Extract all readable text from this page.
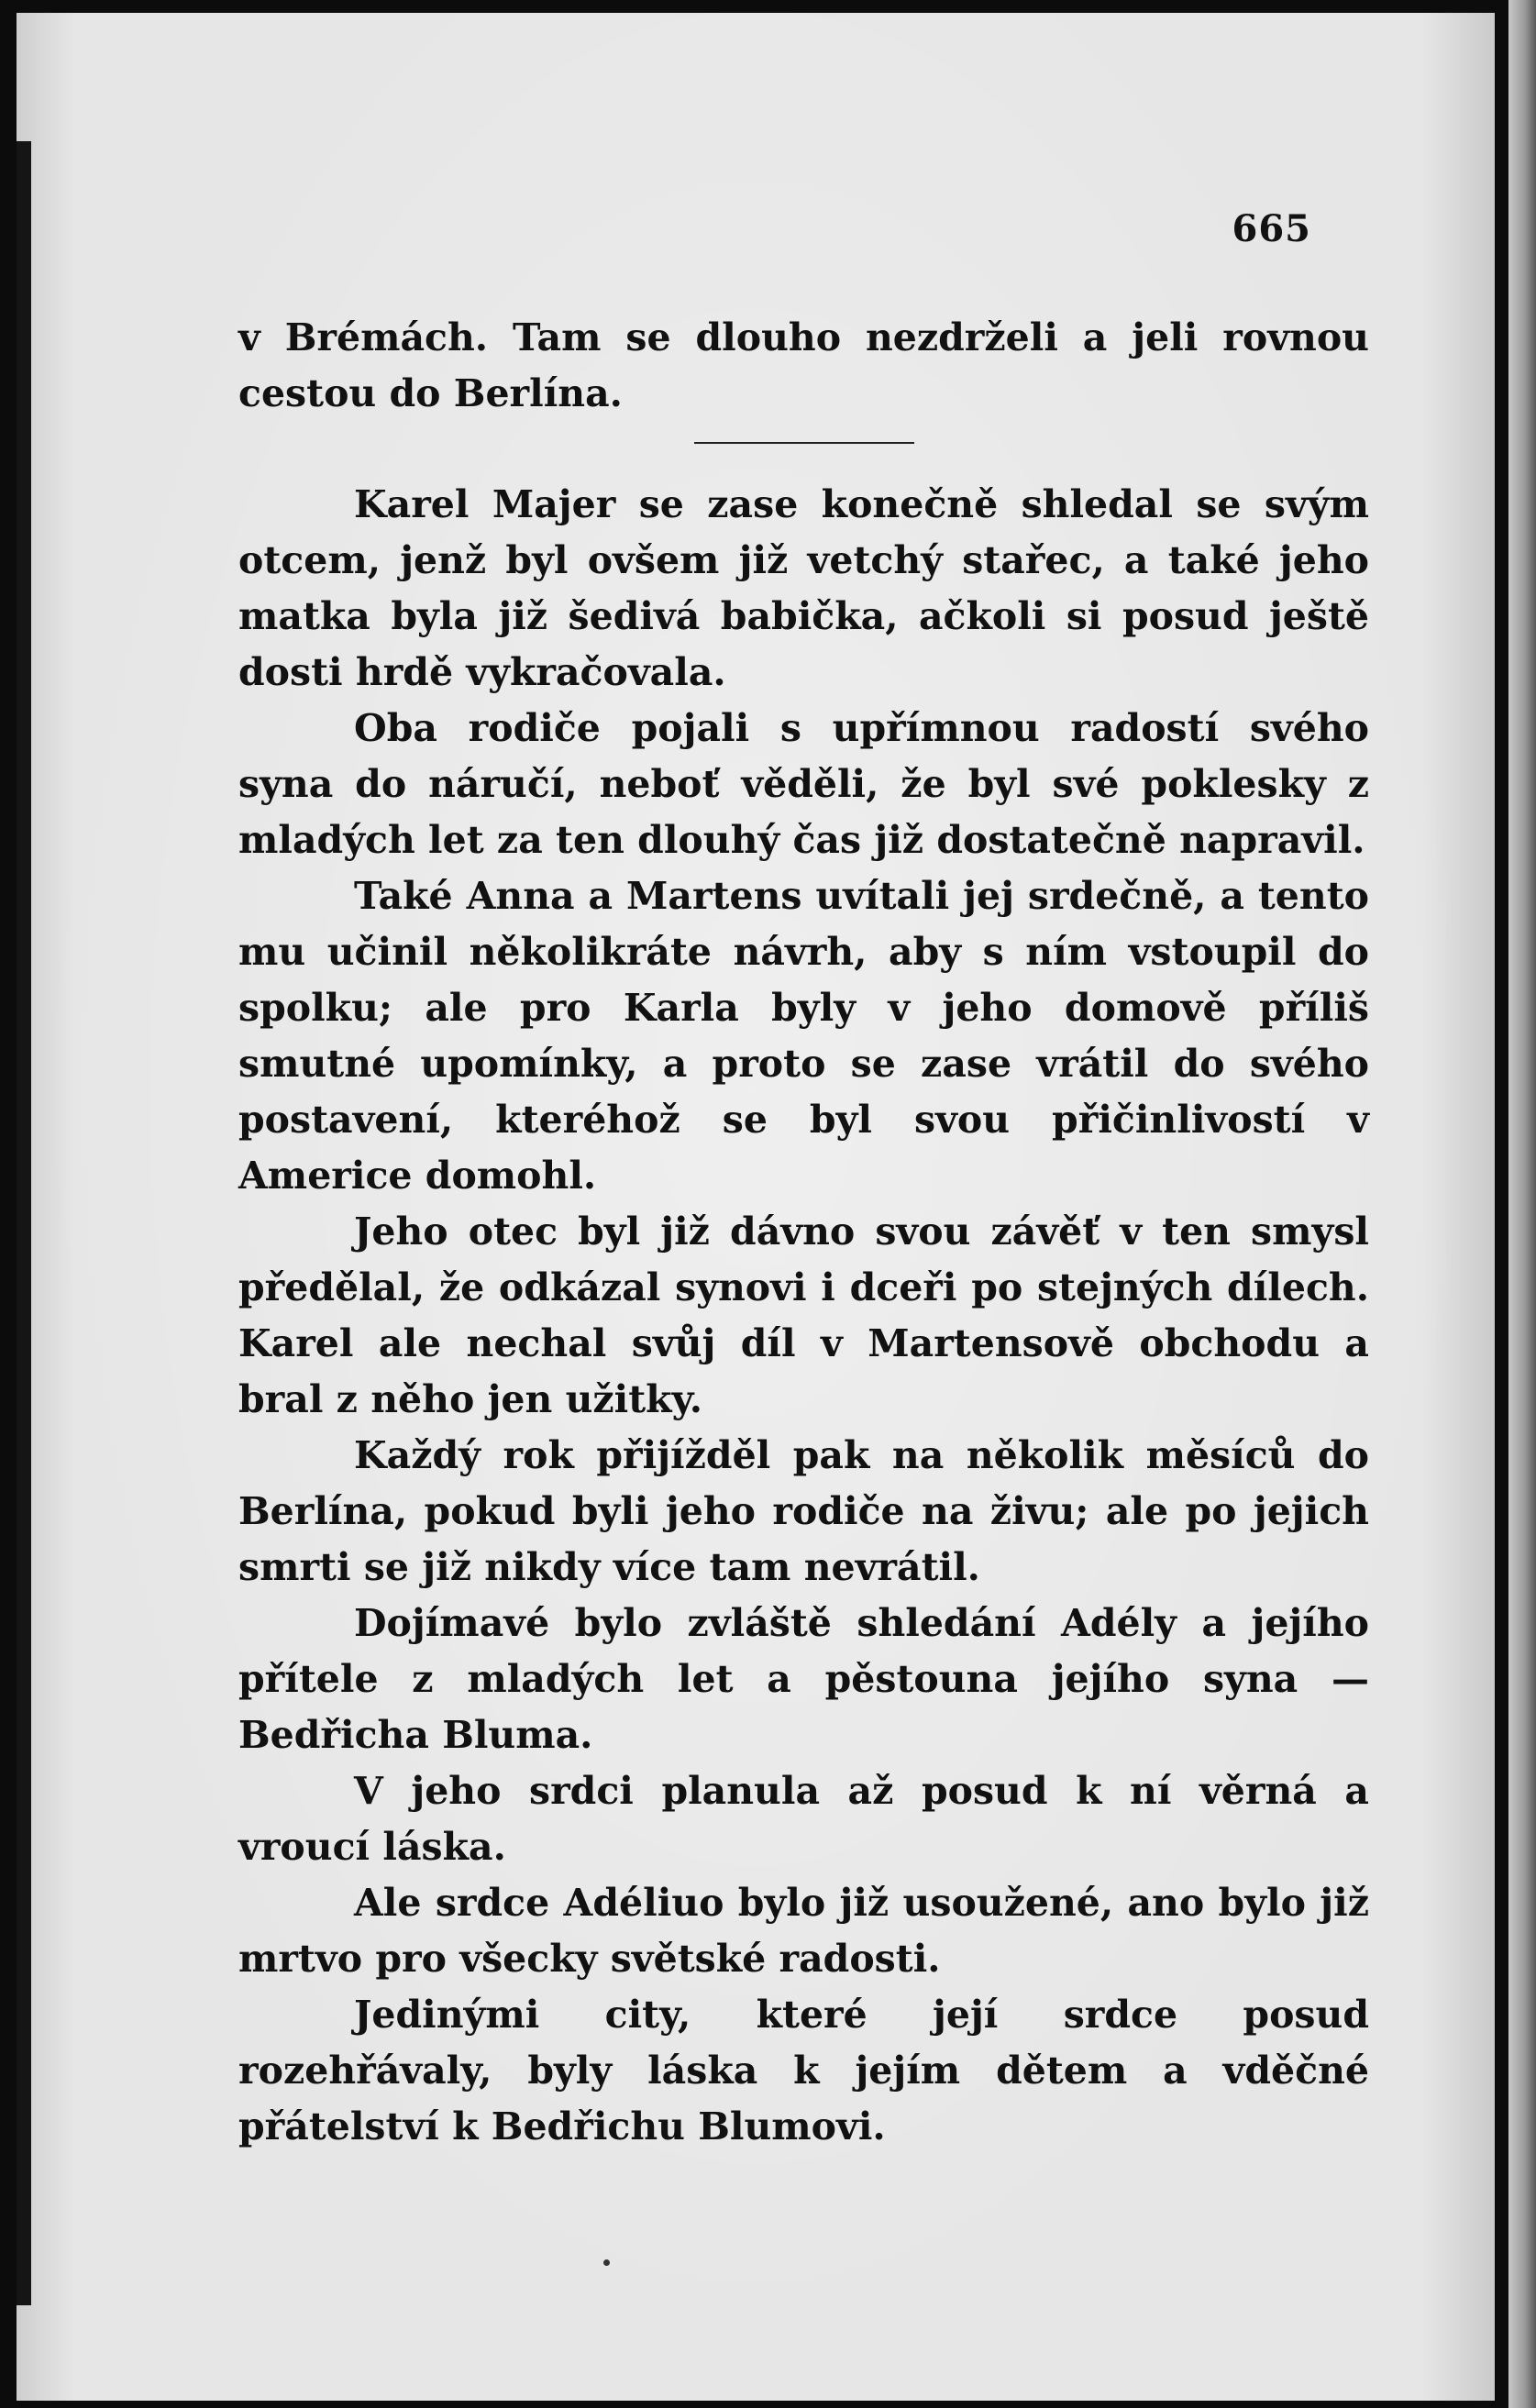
665

v Brémách. Tam se dlouho nezdrželi a jeli rovnou cestou do Berlína.

Karel Majer se zase konečně shledal se svým otcem, jenž byl ovšem již vetchý stařec, a také jeho matka byla již šedivá babička, ačkoli si posud ještě dosti hrdě vykračovala.

Oba rodiče pojali s upřímnou radostí svého syna do náručí, neboť věděli, že byl své poklesky z mladých let za ten dlouhý čas již dostatečně napravil.

Také Anna a Martens uvítali jej srdečně, a tento mu učinil několikráte návrh, aby s ním vstoupil do spolku; ale pro Karla byly v jeho domově příliš smutné upomínky, a proto se zase vrátil do svého postavení, kteréhož se byl svou přičinlivostí v Americe domohl.

Jeho otec byl již dávno svou závěť v ten smysl předělal, že odkázal synovi i dceři po stejných dílech. Karel ale nechal svůj díl v Martensově obchodu a bral z něho jen užitky.

Každý rok přijížděl pak na několik měsíců do Berlína, pokud byli jeho rodiče na živu; ale po jejich smrti se již nikdy více tam nevrátil.

Dojímavé bylo zvláště shledání Adély a jejího přítele z mladých let a pěstouna jejího syna — Bedřicha Bluma.

V jeho srdci planula až posud k ní věrná a vroucí láska.

Ale srdce Adéliuo bylo již usoužené, ano bylo již mrtvo pro všecky světské radosti.

Jedinými city, které její srdce posud rozehřávaly, byly láska k jejím dětem a vděčné přátelství k Bedřichu Blumovi.
